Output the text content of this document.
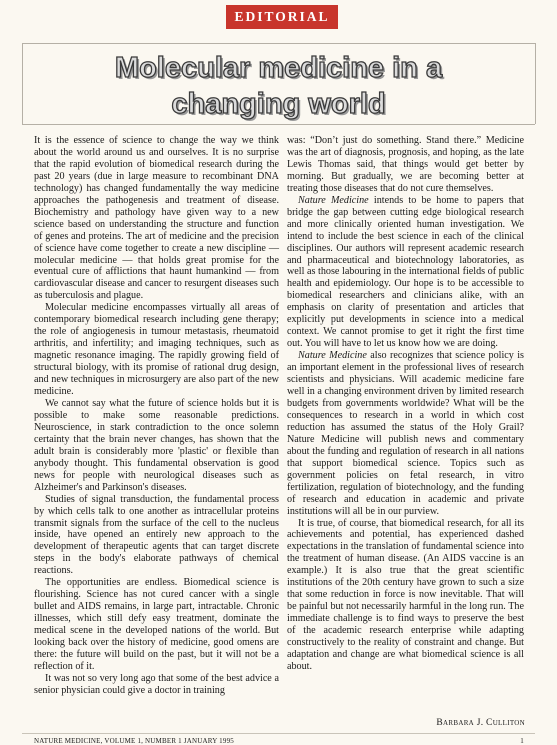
EDITORIAL
Molecular medicine in a
changing world

It is the essence of science to change the way we think about the world around us and ourselves. It is no surprise that the rapid evolution of biomedical research during the past 20 years (due in large measure to recombinant DNA technology) has changed fundamentally the way medicine approaches the pathogenesis and treatment of disease. Biochemistry and pathology have given way to a new science based on understanding the structure and function of genes and proteins. The art of medicine and the precision of science have come together to create a new discipline — molecular medicine — that holds great promise for the eventual cure of afflictions that haunt humankind — from cardiovascular disease and cancer to resurgent diseases such as tuberculosis and plague.

Molecular medicine encompasses virtually all areas of contemporary biomedical research including gene therapy; the role of angiogenesis in tumour metastasis, rheumatoid arthritis, and infertility; and imaging techniques, such as magnetic resonance imaging. The rapidly growing field of structural biology, with its promise of rational drug design, and new techniques in microsurgery are also part of the new medicine.

We cannot say what the future of science holds but it is possible to make some reasonable predictions. Neuroscience, in stark contradiction to the once solemn certainty that the brain never changes, has shown that the adult brain is considerably more 'plastic' or flexible than anybody thought. This fundamental observation is good news for people with neurological diseases such as Alzheimer's and Parkinson's diseases.

Studies of signal transduction, the fundamental process by which cells talk to one another as intracellular proteins transmit signals from the surface of the cell to the nucleus inside, have opened an entirely new approach to the development of therapeutic agents that can target discrete steps in the body's elaborate pathways of chemical reactions.

The opportunities are endless. Biomedical science is flourishing. Science has not cured cancer with a single bullet and AIDS remains, in large part, intractable. Chronic illnesses, which still defy easy treatment, dominate the medical scene in the developed nations of the world. But looking back over the history of medicine, good omens are there: the future will build on the past, but it will not be a reflection of it.

It was not so very long ago that some of the best advice a senior physician could give a doctor in training

was: “Don’t just do something. Stand there.” Medicine was the art of diagnosis, prognosis, and hoping, as the late Lewis Thomas said, that things would get better by morning. But gradually, we are becoming better at treating those diseases that do not cure themselves.

Nature Medicine intends to be home to papers that bridge the gap between cutting edge biological research and more clinically oriented human investigation. We intend to include the best science in each of the clinical disciplines. Our authors will represent academic research and pharmaceutical and biotechnology laboratories, as well as those labouring in the international fields of public health and epidemiology. Our hope is to be accessible to biomedical researchers and clinicians alike, with an emphasis on clarity of presentation and articles that explicitly put developments in science into a medical context. We cannot promise to get it right the first time out. You will have to let us know how we are doing.

Nature Medicine also recognizes that science policy is an important element in the professional lives of research scientists and physicians. Will academic medicine fare well in a changing environment driven by limited research budgets from governments worldwide? What will be the consequences to research in a world in which cost reduction has assumed the status of the Holy Grail? Nature Medicine will publish news and commentary about the funding and regulation of research in all nations that support biomedical science. Topics such as government policies on fetal research, in vitro fertilization, regulation of biotechnology, and the funding of research and education in academic and private institutions will all be in our purview.

It is true, of course, that biomedical research, for all its achievements and potential, has experienced dashed expectations in the translation of fundamental science into the treatment of human disease. (An AIDS vaccine is an example.) It is also true that the great scientific institutions of the 20th century have grown to such a size that some reduction in force is now inevitable. That will be painful but not necessarily harmful in the long run. The immediate challenge is to find ways to preserve the best of the academic research enterprise while adapting constructively to the reality of constraint and change. But adaptation and change are what biomedical science is all about.

Barbara J. Culliton
NATURE MEDICINE, VOLUME 1, NUMBER 1 JANUARY 1995	1
